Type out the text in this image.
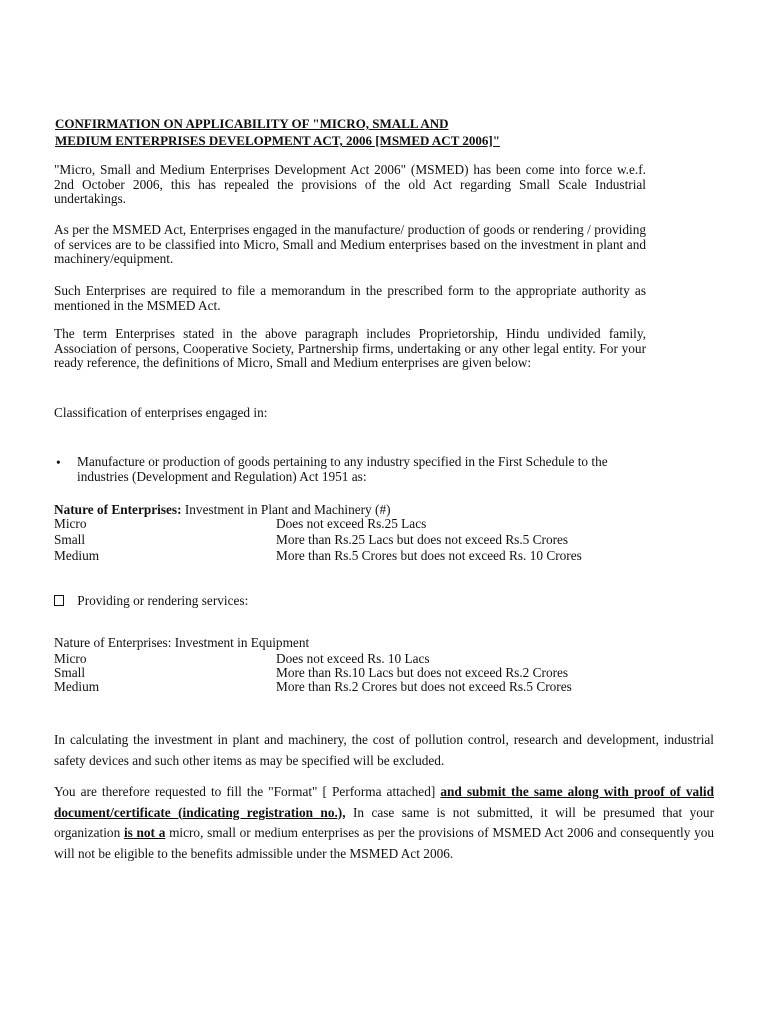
CONFIRMATION ON APPLICABILITY OF "MICRO, SMALL AND
MEDIUM ENTERPRISES DEVELOPMENT ACT, 2006 [MSMED ACT 2006]"
"Micro, Small and Medium Enterprises Development Act 2006" (MSMED) has been come into force w.e.f. 2nd October 2006, this has repealed the provisions of the old Act regarding Small Scale Industrial undertakings.
As per the MSMED Act, Enterprises engaged in the manufacture/ production of goods or rendering / providing of services are to be classified into Micro, Small and Medium enterprises based on the investment in plant and machinery/equipment.
Such Enterprises are required to file a memorandum in the prescribed form to the appropriate authority as mentioned in the MSMED Act.
The term Enterprises stated in the above paragraph includes Proprietorship, Hindu undivided family, Association of persons, Cooperative Society, Partnership firms, undertaking or any other legal entity. For your ready reference, the definitions of Micro, Small and Medium enterprises are given below:
Classification of enterprises engaged in:
• Manufacture or production of goods pertaining to any industry specified in the First Schedule to the industries (Development and Regulation) Act 1951 as:
Nature of Enterprises: Investment in Plant and Machinery (#)
Micro	Does not exceed Rs.25 Lacs
Small	More than Rs.25 Lacs but does not exceed Rs.5 Crores
Medium	More than Rs.5 Crores but does not exceed Rs. 10 Crores
Providing or rendering services:
Nature of Enterprises: Investment in Equipment
Micro	Does not exceed Rs. 10 Lacs
Small	More than Rs.10 Lacs but does not exceed Rs.2 Crores
Medium	More than Rs.2 Crores but does not exceed Rs.5 Crores
In calculating the investment in plant and machinery, the cost of pollution control, research and development, industrial safety devices and such other items as may be specified will be excluded.
You are therefore requested to fill the "Format" [ Performa attached] and submit the same along with proof of valid document/certificate (indicating registration no.), In case same is not submitted, it will be presumed that your organization is not a micro, small or medium enterprises as per the provisions of MSMED Act 2006 and consequently you will not be eligible to the benefits admissible under the MSMED Act 2006.
